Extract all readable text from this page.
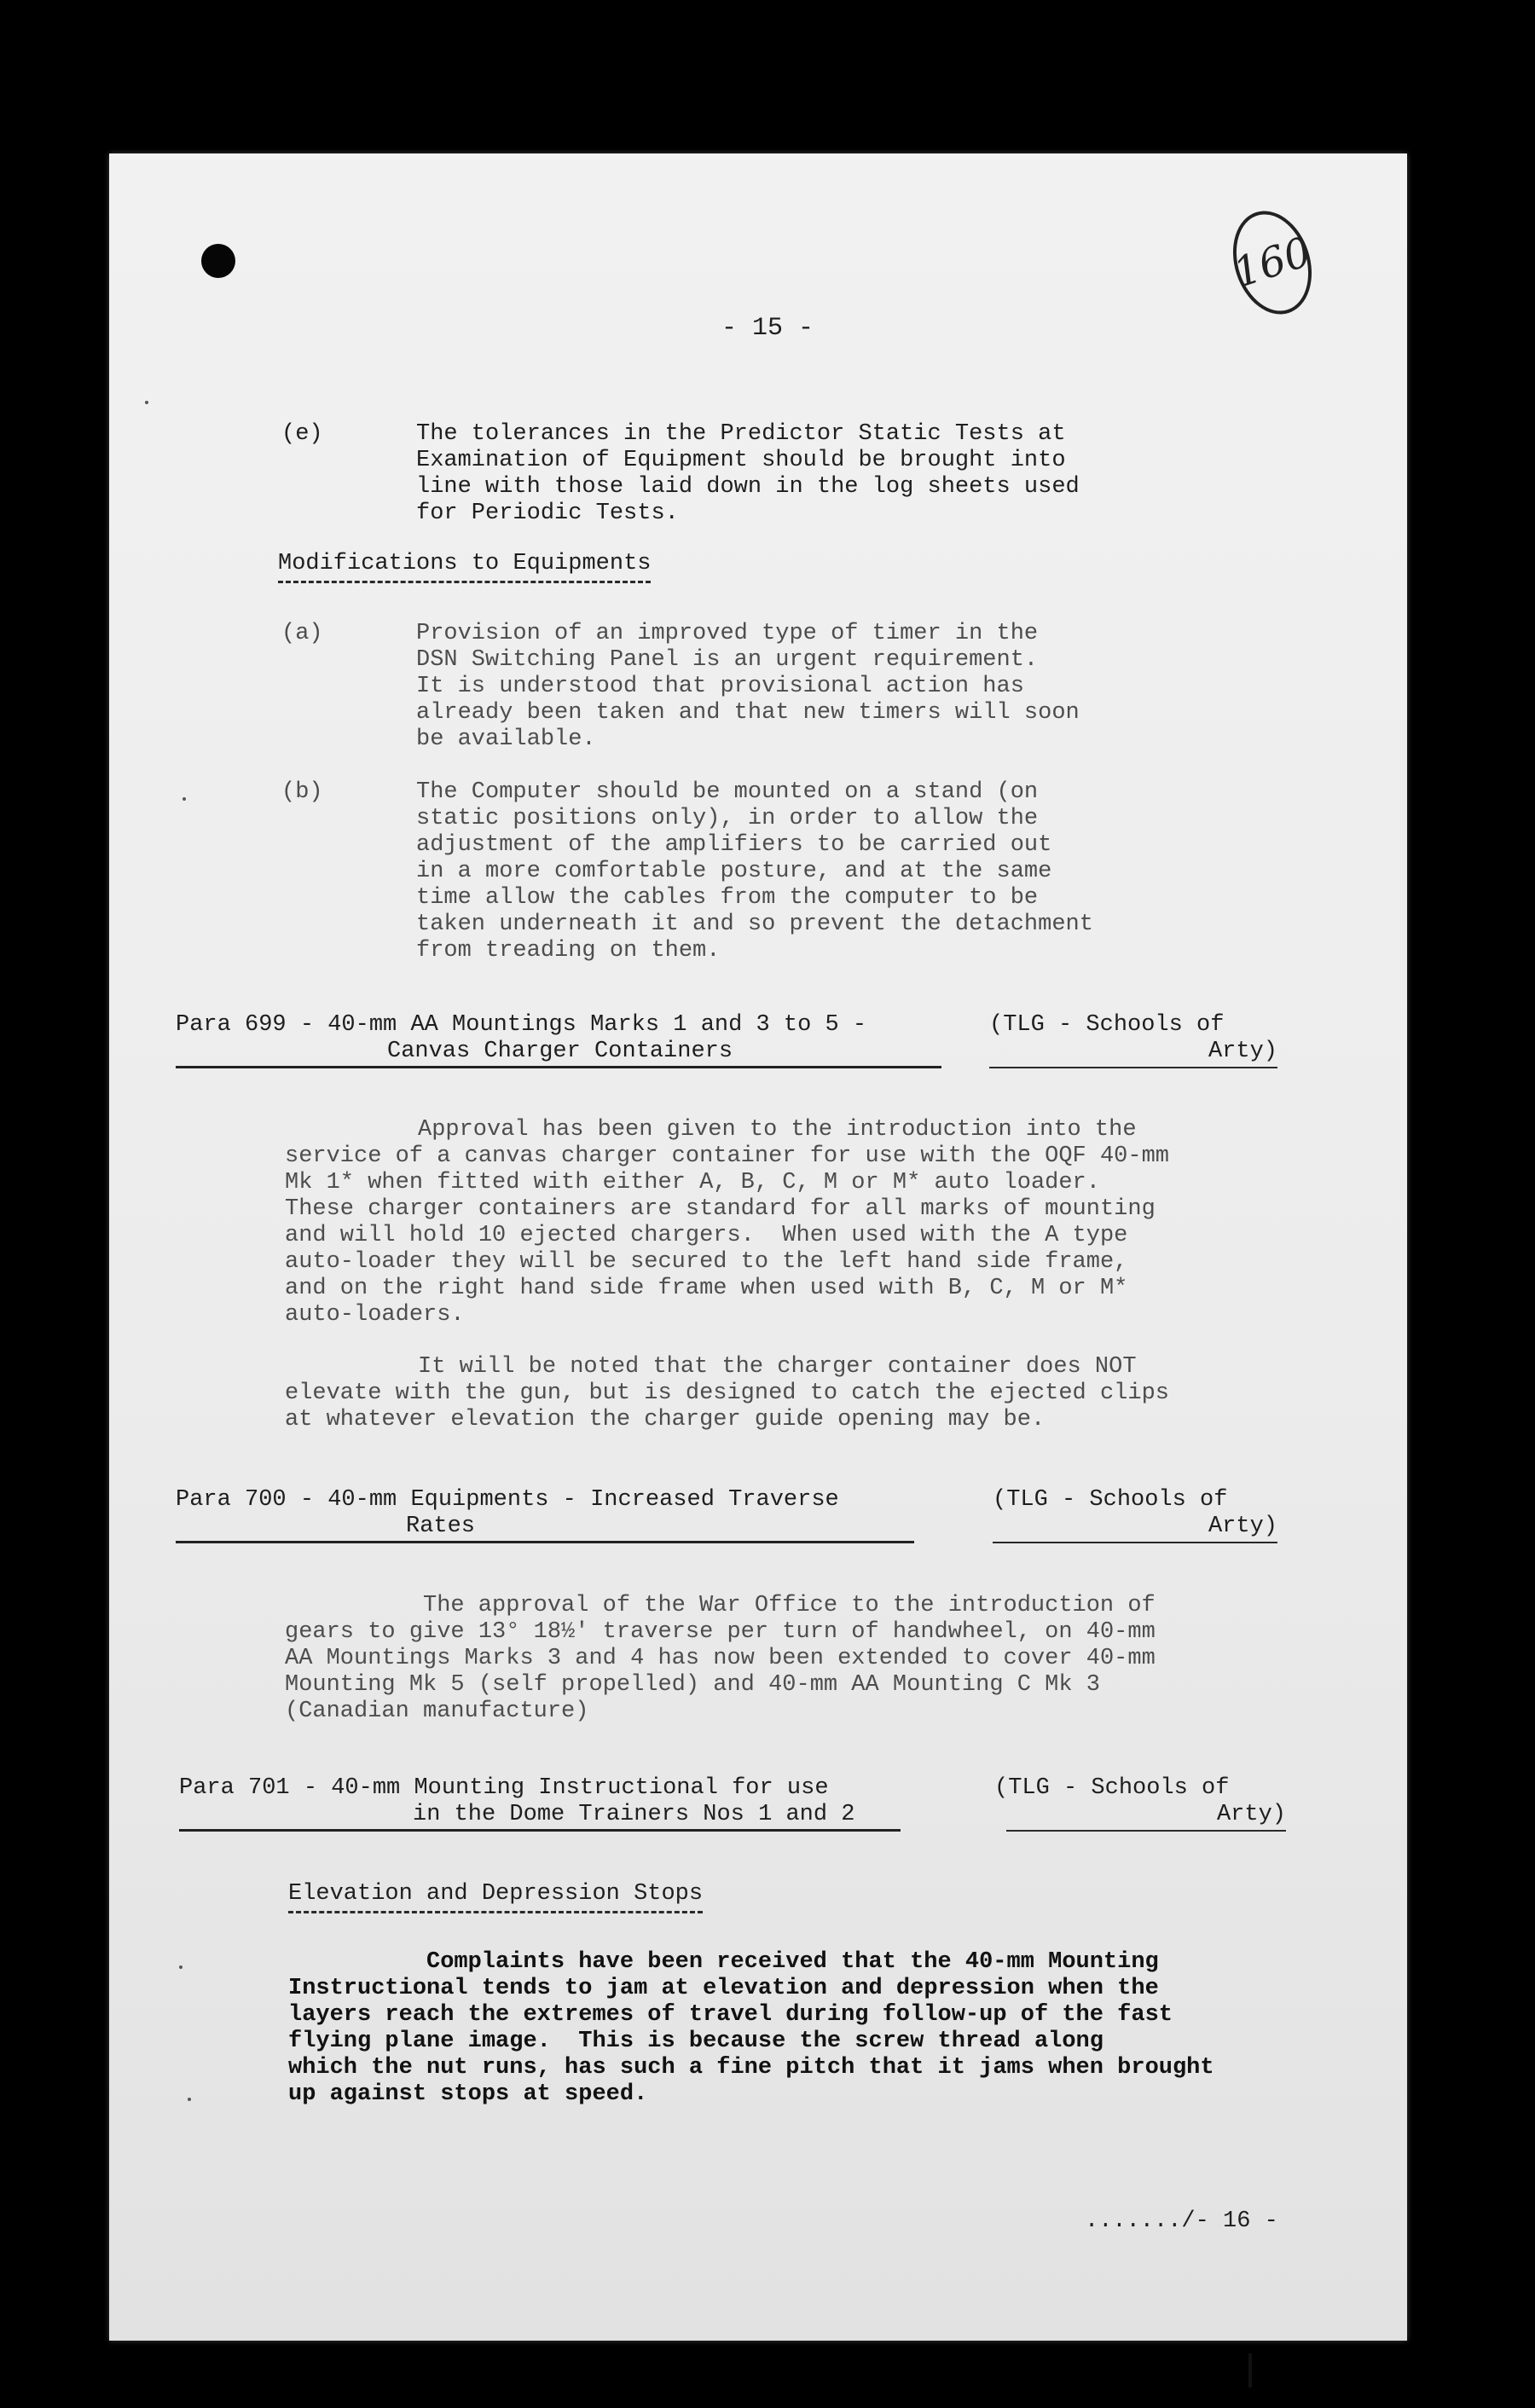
160
- 15 -
(e)	The tolerances in the Predictor Static Tests at
Examination of Equipment should be brought into
line with those laid down in the log sheets used
for Periodic Tests.
Modifications to Equipments
(a)	Provision of an improved type of timer in the
DSN Switching Panel is an urgent requirement.
It is understood that provisional action has
already been taken and that new timers will soon
be available.
(b)	The Computer should be mounted on a stand (on
static positions only), in order to allow the
adjustment of the amplifiers to be carried out
in a more comfortable posture, and at the same
time allow the cables from the computer to be
taken underneath it and so prevent the detachment
from treading on them.
Para 699 - 40-mm AA Mountings Marks 1 and 3 to 5 -
Canvas Charger Containers
(TLG - Schools of
Arty)
Approval has been given to the introduction into the
service of a canvas charger container for use with the OQF 40-mm
Mk 1* when fitted with either A, B, C, M or M* auto loader.
These charger containers are standard for all marks of mounting
and will hold 10 ejected chargers.  When used with the A type
auto-loader they will be secured to the left hand side frame,
and on the right hand side frame when used with B, C, M or M*
auto-loaders.
It will be noted that the charger container does NOT
elevate with the gun, but is designed to catch the ejected clips
at whatever elevation the charger guide opening may be.
Para 700 - 40-mm Equipments - Increased Traverse
Rates
(TLG - Schools of
Arty)
The approval of the War Office to the introduction of
gears to give 13° 18½' traverse per turn of handwheel, on 40-mm
AA Mountings Marks 3 and 4 has now been extended to cover 40-mm
Mounting Mk 5 (self propelled) and 40-mm AA Mounting C Mk 3
(Canadian manufacture)
Para 701 - 40-mm Mounting Instructional for use
in the Dome Trainers Nos 1 and 2
(TLG - Schools of
Arty)
Elevation and Depression Stops
Complaints have been received that the 40-mm Mounting
Instructional tends to jam at elevation and depression when the
layers reach the extremes of travel during follow-up of the fast
flying plane image.  This is because the screw thread along
which the nut runs, has such a fine pitch that it jams when brought
up against stops at speed.
......./- 16 -
